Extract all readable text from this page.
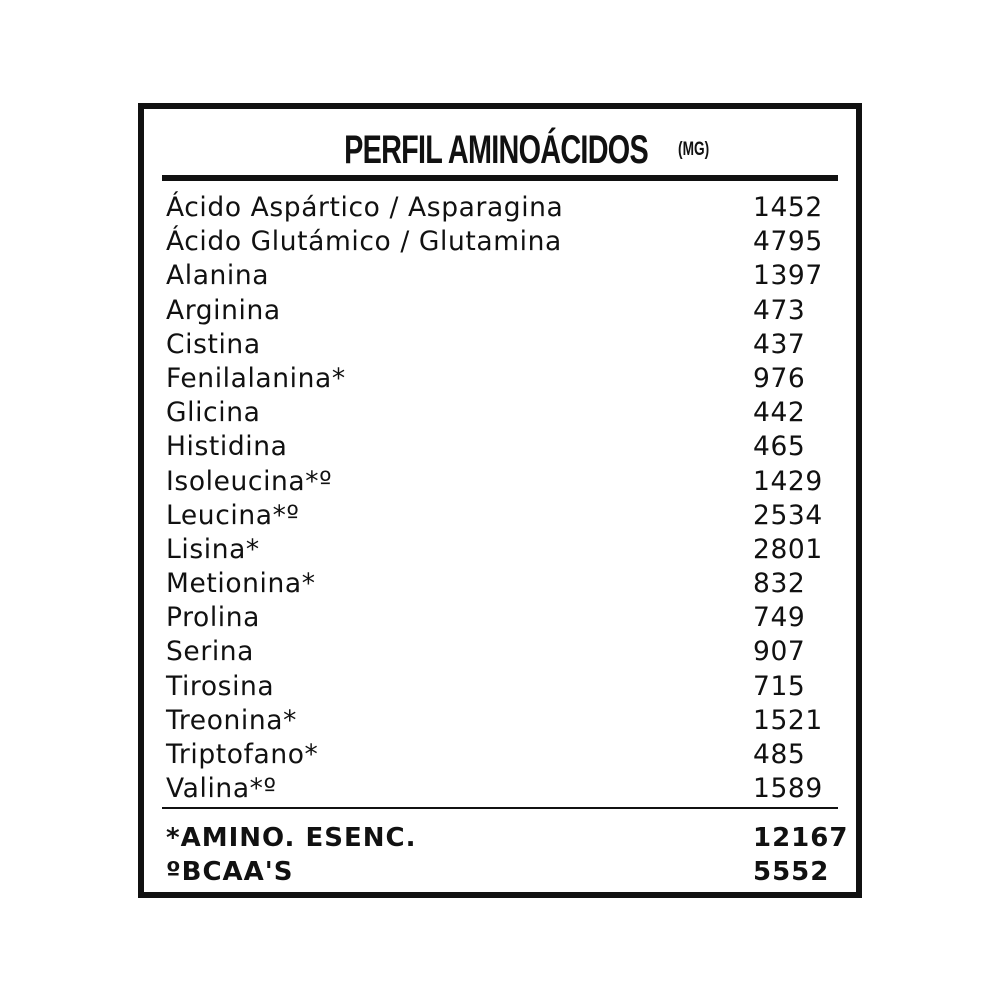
PERFIL AMINOÁCIDOS (MG)
Ácido Aspártico / Asparagina	1452
Ácido Glutámico / Glutamina	4795
Alanina	1397
Arginina	473
Cistina	437
Fenilalanina*	976
Glicina	442
Histidina	465
Isoleucina*º	1429
Leucina*º	2534
Lisina*	2801
Metionina*	832
Prolina	749
Serina	907
Tirosina	715
Treonina*	1521
Triptofano*	485
Valina*º	1589
*AMINO. ESENC.	12167
ºBCAA'S	5552
